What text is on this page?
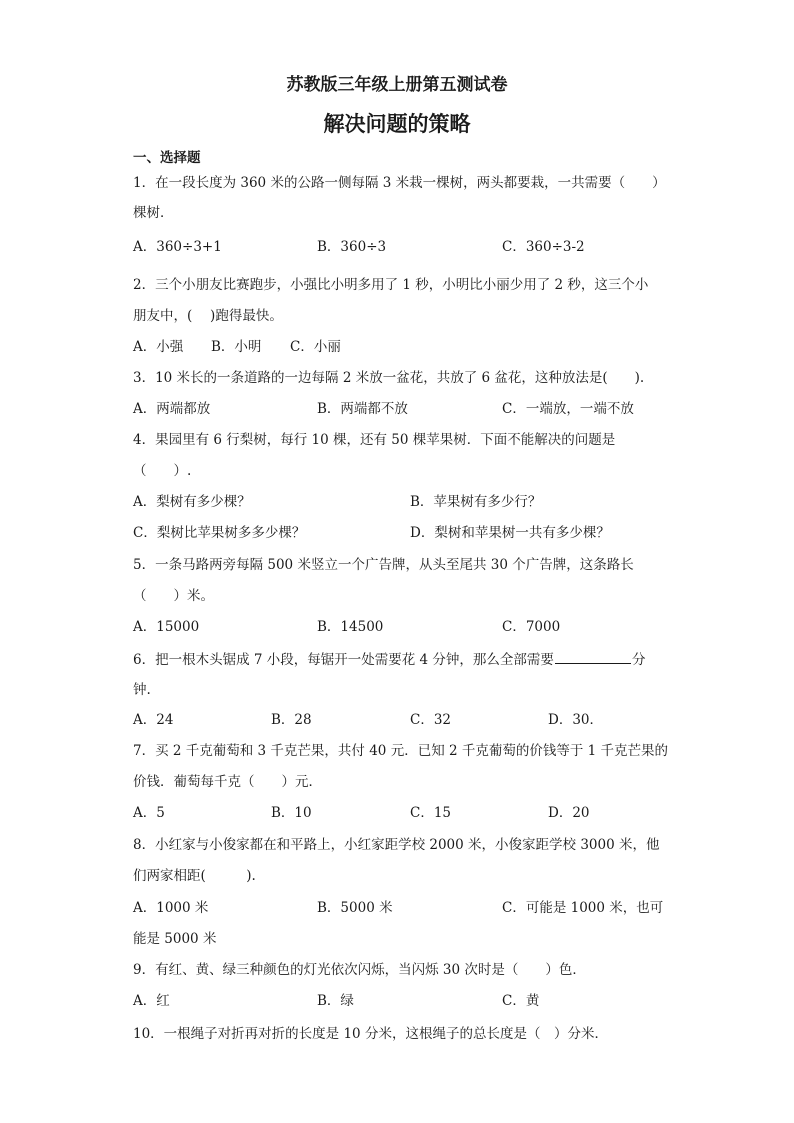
苏教版三年级上册第五测试卷
解决问题的策略
一、选择题
1．在一段长度为 360 米的公路一侧每隔 3 米栽一棵树，两头都要栽，一共需要（　　）
棵树．
A．360÷3+1	B．360÷3	C．360÷3-2
2．三个小朋友比赛跑步，小强比小明多用了 1 秒，小明比小丽少用了 2 秒，这三个小
朋友中，(　 )跑得最快。
A．小强 B．小明 C．小丽
3．10 米长的一条道路的一边每隔 2 米放一盆花，共放了 6 盆花，这种放法是(　　).
A．两端都放	B．两端都不放	C．一端放，一端不放
4．果园里有 6 行梨树，每行 10 棵，还有 50 棵苹果树．下面不能解决的问题是
（　　）.
A．梨树有多少棵？	B．苹果树有多少行？
C．梨树比苹果树多多少棵？	D．梨树和苹果树一共有多少棵？
5．一条马路两旁每隔 500 米竖立一个广告牌，从头至尾共 30 个广告牌，这条路长
（　　）米。
A．15000	B．14500	C．7000
6．把一根木头锯成 7 小段，每锯开一处需要花 4 分钟，那么全部需要	分
钟.
A．24	B．28	C．32	D．30．
7．买 2 千克葡萄和 3 千克芒果，共付 40 元．已知 2 千克葡萄的价钱等于 1 千克芒果的
价钱．葡萄每千克（　　）元．
A．5	B．10	C．15	D．20
8．小红家与小俊家都在和平路上，小红家距学校 2000 米，小俊家距学校 3000 米，他
们两家相距(　　　).
A．1000 米	B．5000 米	C．可能是 1000 米，也可
能是 5000 米
9．有红、黄、绿三种颜色的灯光依次闪烁，当闪烁 30 次时是（　　）色．
A．红	B．绿	C．黄
10．一根绳子对折再对折的长度是 10 分米，这根绳子的总长度是（　）分米．
